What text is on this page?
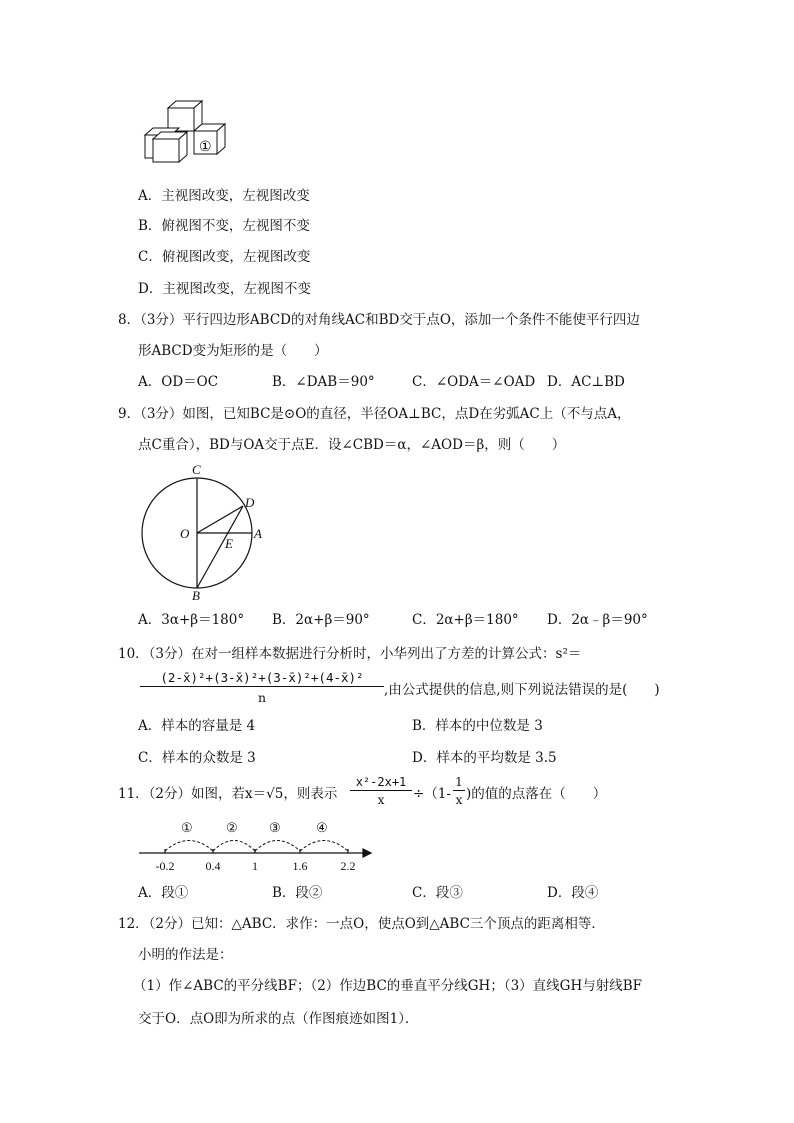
①
A．主视图改变，左视图改变
B．俯视图不变，左视图不变
C．俯视图改变，左视图改变
D．主视图改变，左视图不变
8．（3分）平行四边形ABCD的对角线AC和BD交于点O，添加一个条件不能使平行四边
形ABCD变为矩形的是（　　）
A．OD＝OC	B．∠DAB＝90°	C．∠ODA＝∠OAD D．AC⊥BD
9．（3分）如图，已知BC是⊙O的直径，半径OA⊥BC，点D在劣弧AC上（不与点A，
点C重合），BD与OA交于点E．设∠CBD＝α，∠AOD＝β，则（　　）
C
D
O	A
E
B
A．3α+β＝180° B．2α+β＝90°	C．2α+β＝180° D．2α﹣β＝90°
10．（3分）在对一组样本数据进行分析时，小华列出了方差的计算公式：s²＝
$\frac{\text{(2-x̄)²+(3-x̄)²+(3-x̄)²+(4-x̄)²}}{n}$ ,由公式提供的信息,则下列说法错误的是(　　)
A．样本的容量是 4	B．样本的中位数是 3
C．样本的众数是 3	D．样本的平均数是 3.5
11．（2分）如图，若x＝√5，则表示 $\frac{\text{x²-2x+1}}{x} \div(1- \frac{1}{x}$ )的值的点落在（　　）
①	② ③	④
-0.2	0.4	1	1.6	2.2
A．段①	B．段②	C．段③	D．段④
12．（2分）已知：△ABC．求作：一点O，使点O到△ABC三个顶点的距离相等．
小明的作法是：
（1）作∠ABC的平分线BF；（2）作边BC的垂直平分线GH；（3）直线GH与射线BF
交于O．点O即为所求的点（作图痕迹如图1）．
